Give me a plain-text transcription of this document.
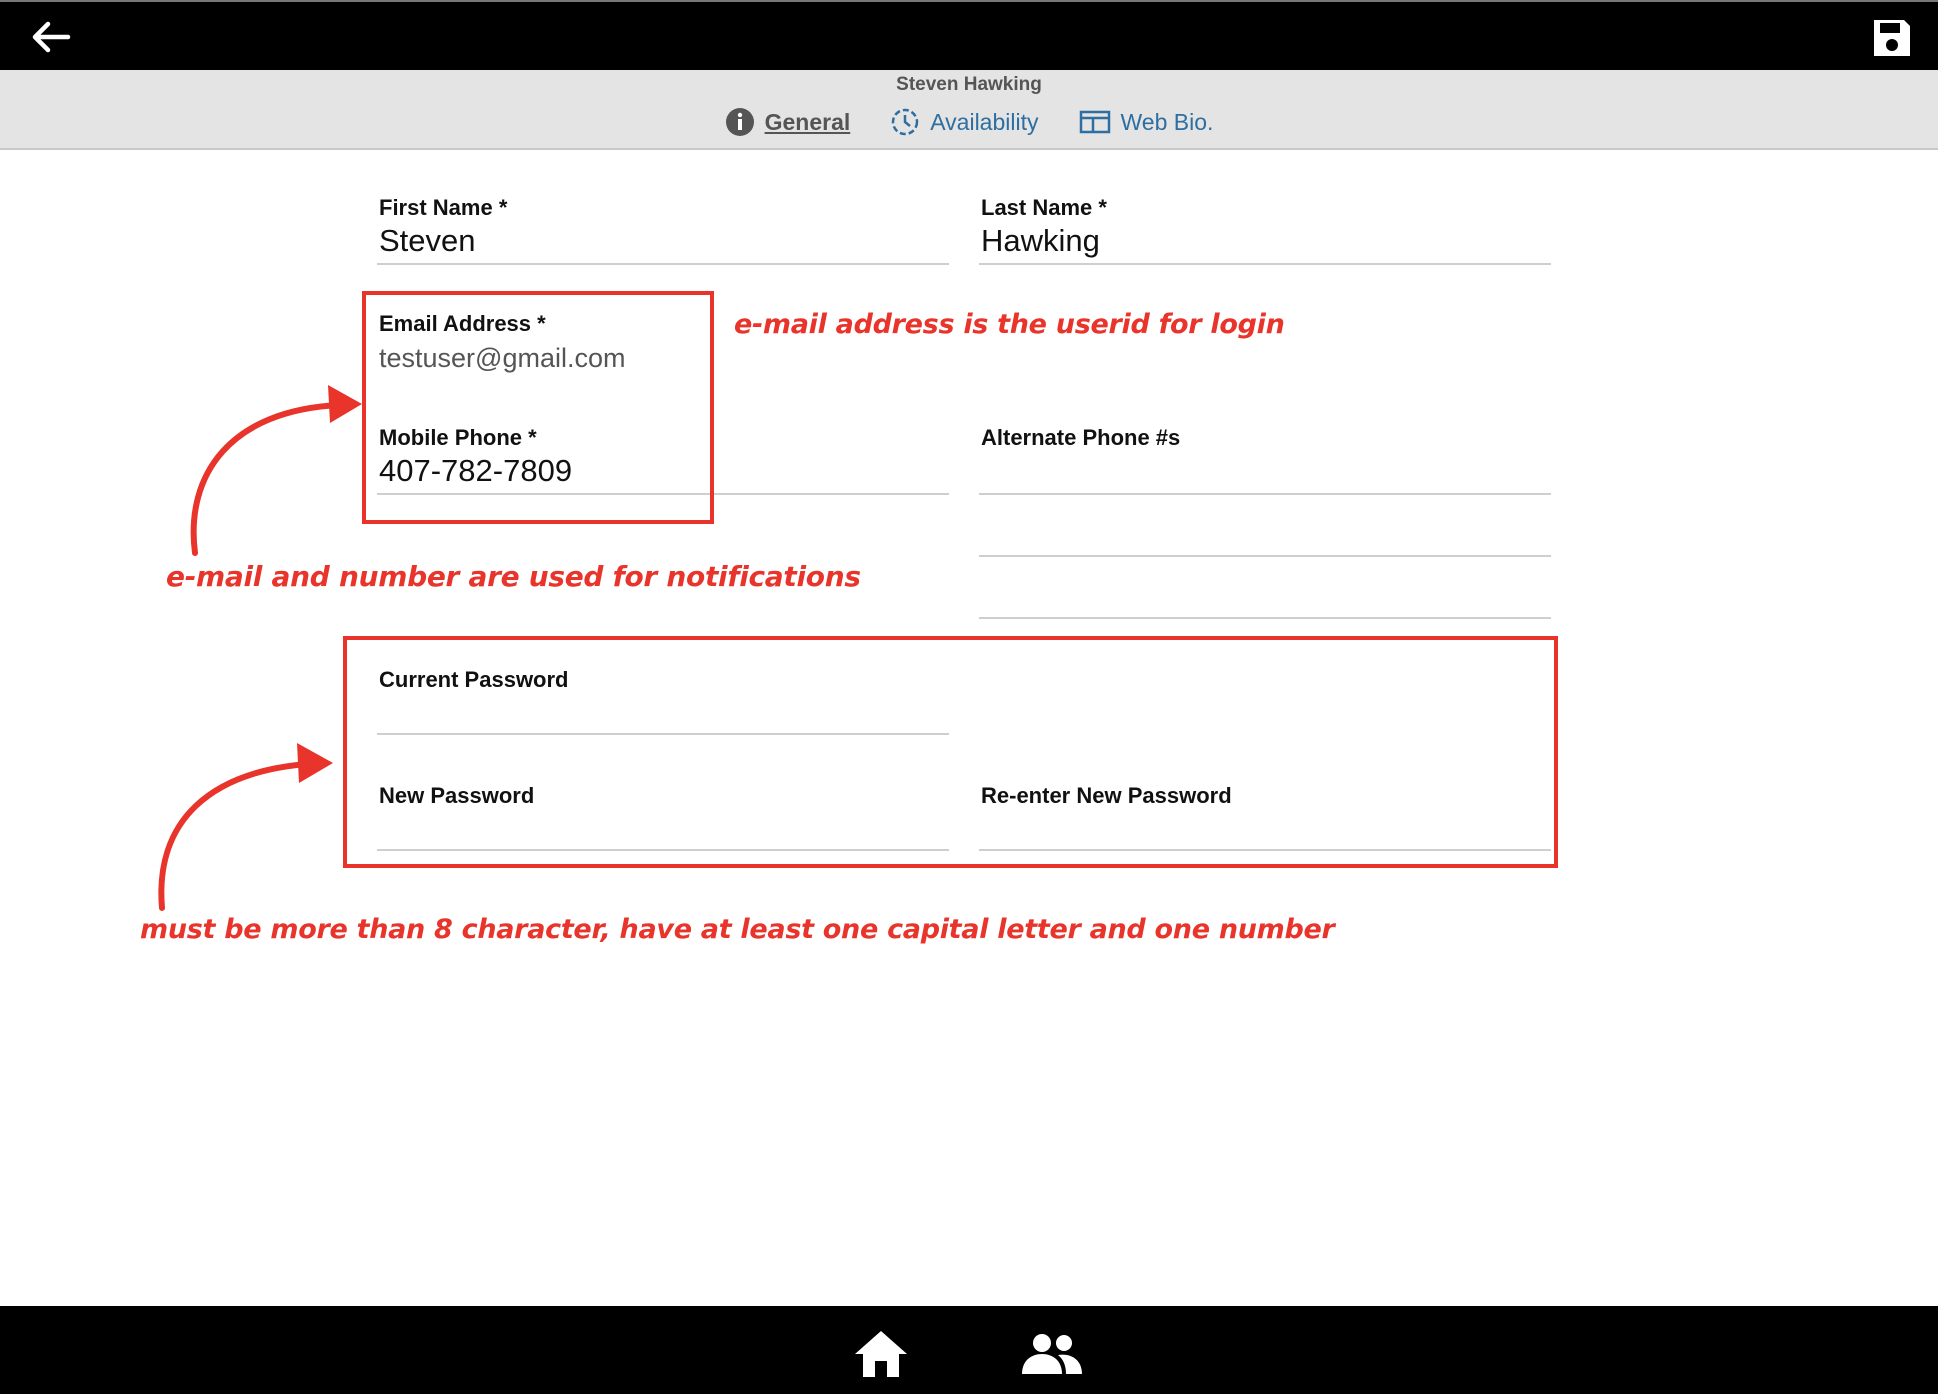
Steven Hawking
General	Availability	Web Bio.
First Name *
Steven
Last Name *
Hawking
Email Address *
testuser@gmail.com
Mobile Phone *
407-782-7809
Alternate Phone #s
Current Password
New Password	Re-enter New Password
e-mail address is the userid for login
e-mail and number are used for notifications
must be more than 8 character, have at least one capital letter and one number
